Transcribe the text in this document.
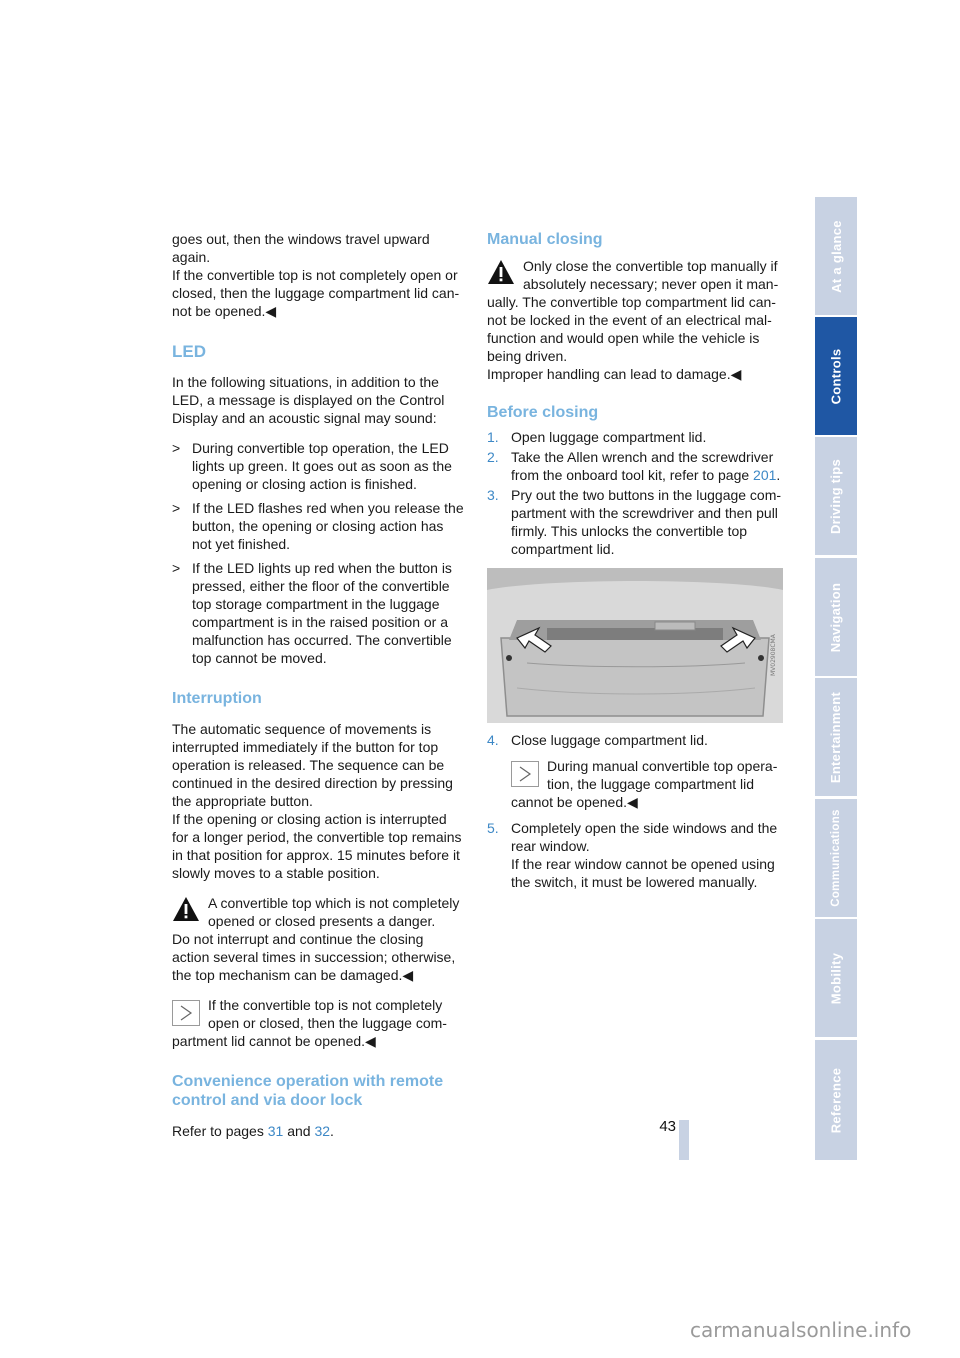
goes out, then the windows travel upward again.

If the convertible top is not completely open or closed, then the luggage compartment lid can-not be opened.◀

LED

In the following situations, in addition to the LED, a message is displayed on the Control Display and an acoustic signal may sound:

> During convertible top operation, the LED lights up green. It goes out as soon as the opening or closing action is finished.
> If the LED flashes red when you release the button, the opening or closing action has not yet finished.
> If the LED lights up red when the button is pressed, either the floor of the convertible top storage compartment in the luggage compartment is in the raised position or a malfunction has occurred. The convertible top cannot be moved.
Interruption

The automatic sequence of movements is interrupted immediately if the button for top operation is released. The sequence can be continued in the desired direction by pressing the appropriate button.

If the opening or closing action is interrupted for a longer period, the convertible top remains in that position for approx. 15 minutes before it slowly moves to a stable position.

A convertible top which is not completely opened or closed presents a danger.
Do not interrupt and continue the closing action several times in succession; otherwise, the top mechanism can be damaged.◀
If the convertible top is not completely open or closed, then the luggage com-
partment lid cannot be opened.◀
Convenience operation with remote control and via door lock

Refer to pages 31 and 32.

Manual closing
Only close the convertible top manually if absolutely necessary; never open it man-
ually. The convertible top compartment lid can-not be locked in the event of an electrical mal-function and would open while the vehicle is being driven.
Improper handling can lead to damage.◀
Before closing
1. Open luggage compartment lid.
2. Take the Allen wrench and the screwdriver from the onboard tool kit, refer to page 201.
3. Pry out the two buttons in the luggage com-partment with the screwdriver and then pull firmly. This unlocks the convertible top compartment lid.
MV02908CMA
4. Close luggage compartment lid.
During manual convertible top opera-tion, the luggage compartment lid
cannot be opened.◀
5. Completely open the side windows and the rear window.
If the rear window cannot be opened using the switch, it must be lowered manually.
At a glance
Controls
Driving tips
Navigation
Entertainment
Communications
Mobility
Reference
43
carmanualsonline.info
